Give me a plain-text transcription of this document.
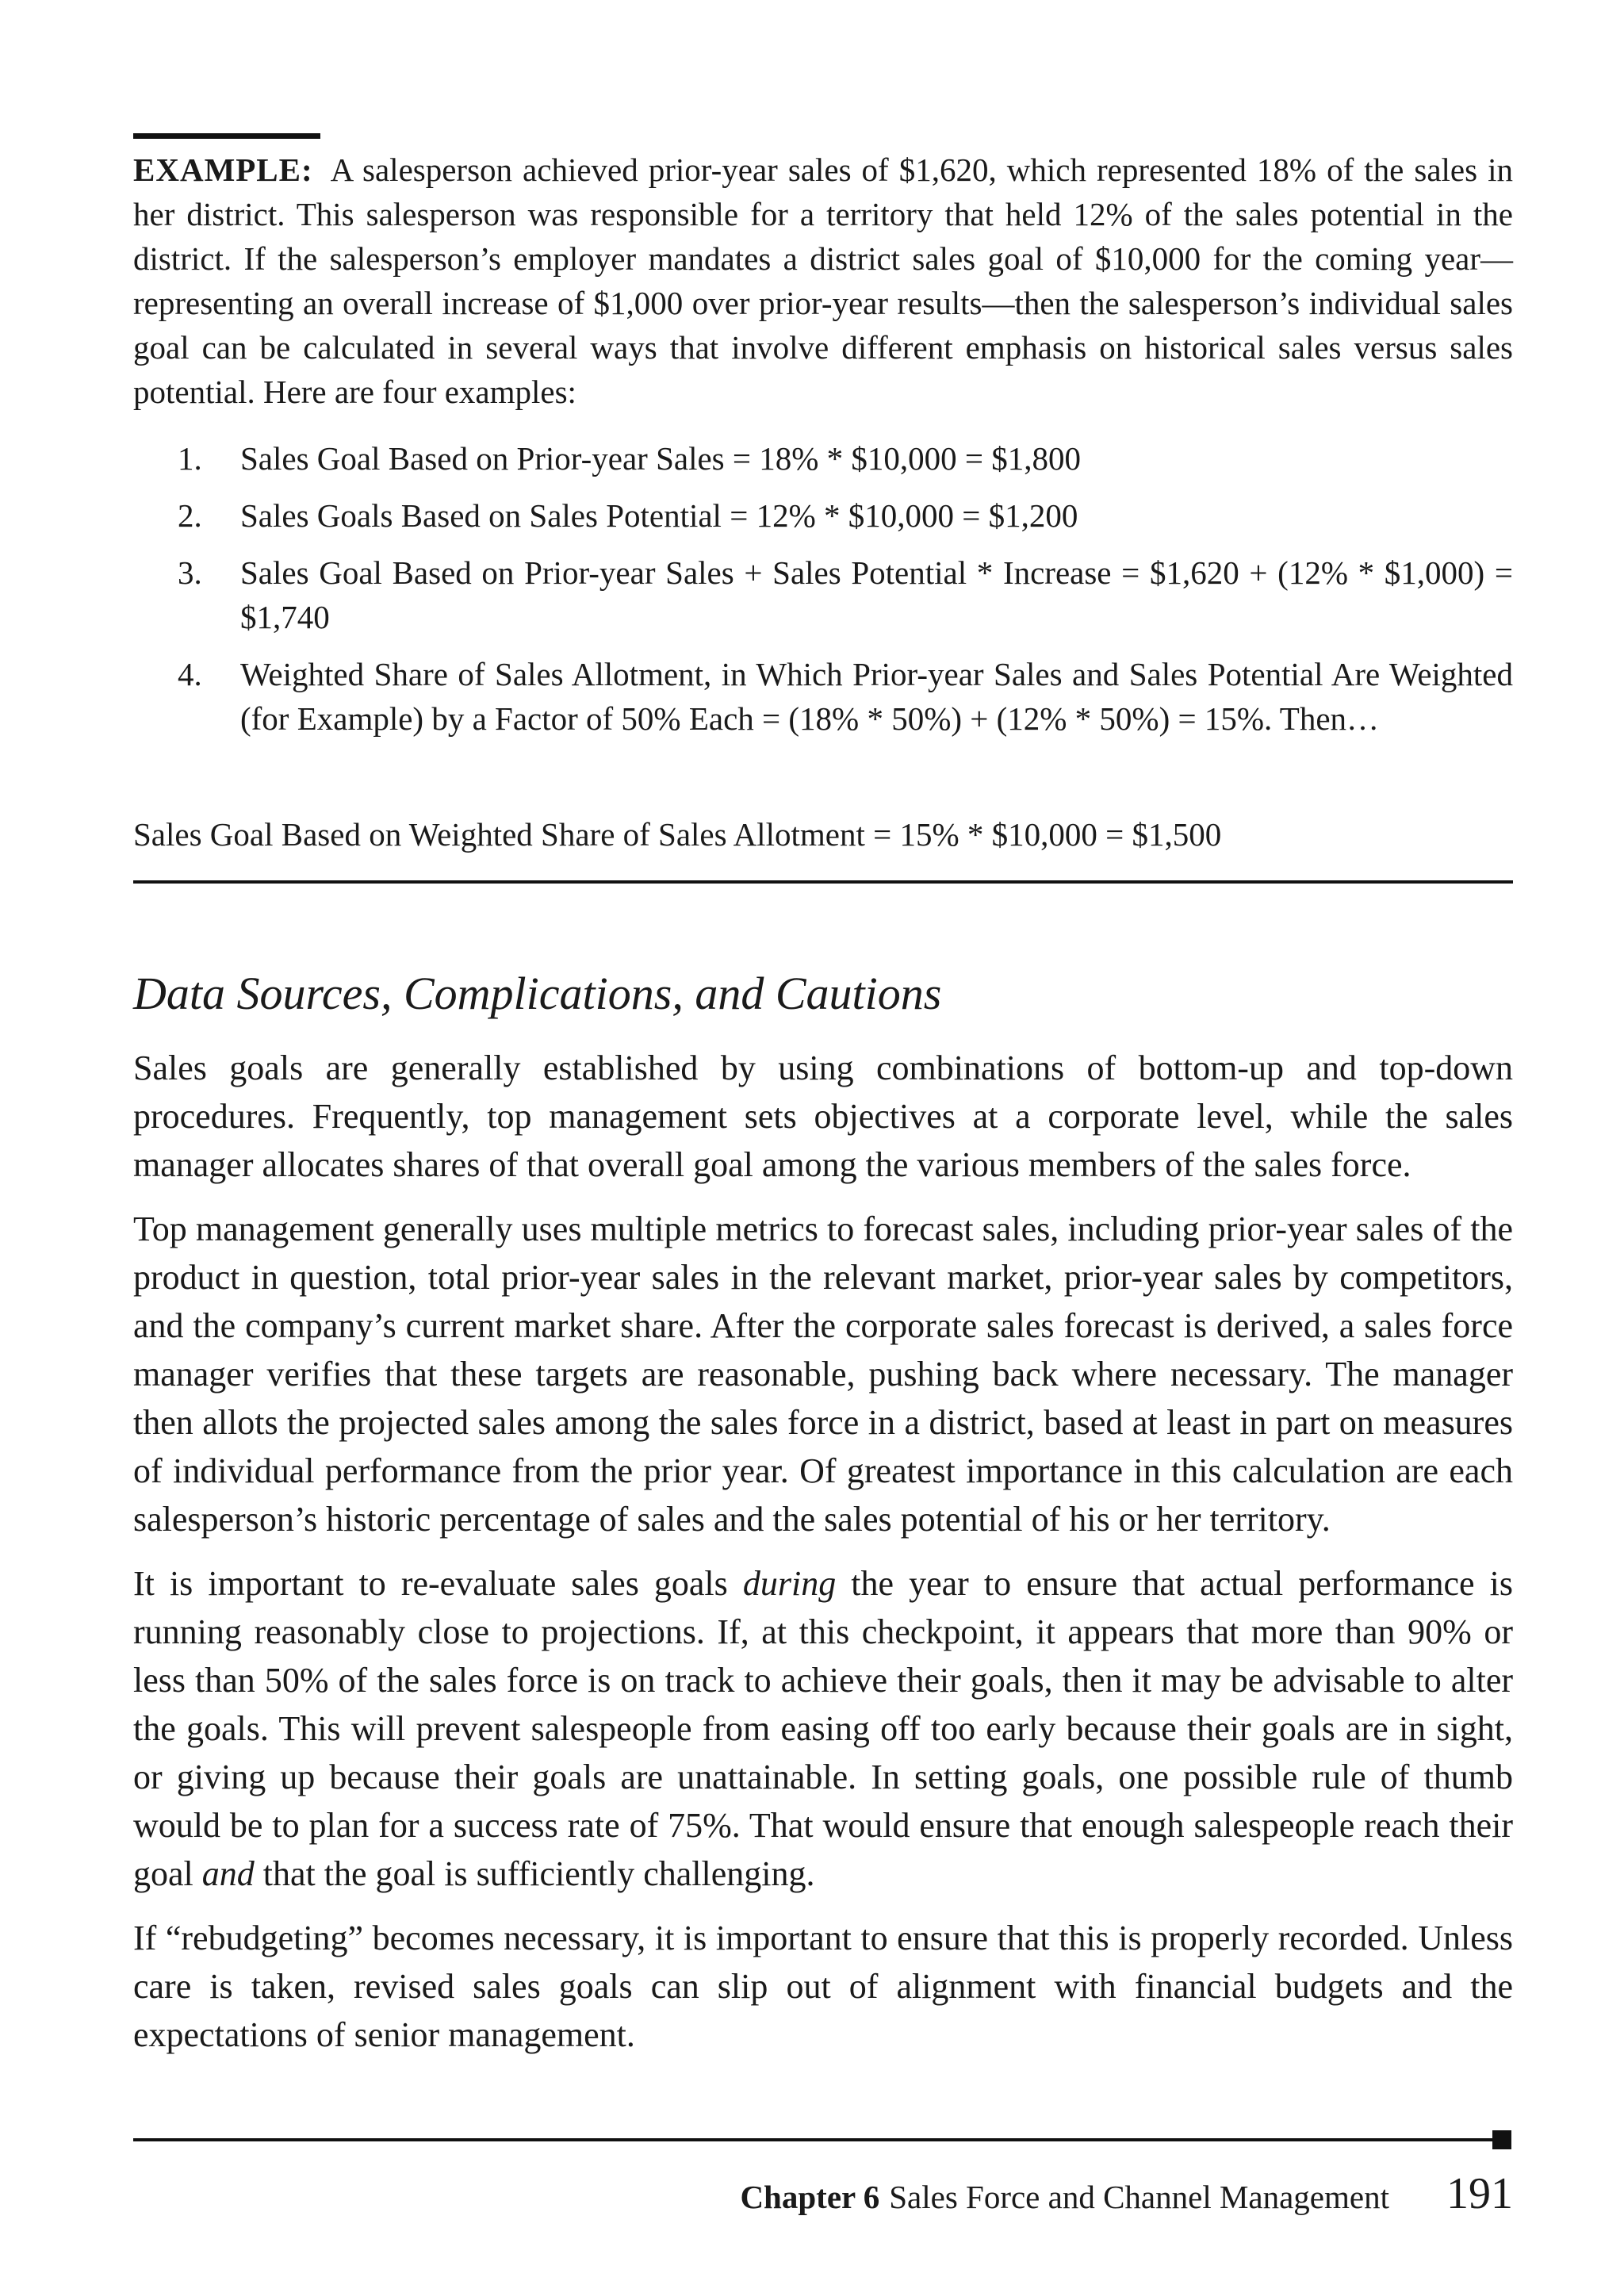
EXAMPLE: A salesperson achieved prior-year sales of $1,620, which represented 18% of the sales in her district. This salesperson was responsible for a territory that held 12% of the sales potential in the district. If the salesperson’s employer mandates a district sales goal of $10,000 for the coming year—representing an overall increase of $1,000 over prior-year results—then the salesperson’s individual sales goal can be calculated in several ways that involve different emphasis on historical sales versus sales potential. Here are four examples:
1. Sales Goal Based on Prior-year Sales = 18% * $10,000 = $1,800
2. Sales Goals Based on Sales Potential = 12% * $10,000 = $1,200
3. Sales Goal Based on Prior-year Sales + Sales Potential * Increase = $1,620 + (12% * $1,000) = $1,740
4. Weighted Share of Sales Allotment, in Which Prior-year Sales and Sales Potential Are Weighted (for Example) by a Factor of 50% Each = (18% * 50%) + (12% * 50%) = 15%. Then…
Sales Goal Based on Weighted Share of Sales Allotment = 15% * $10,000 = $1,500
Data Sources, Complications, and Cautions

Sales goals are generally established by using combinations of bottom-up and top-down procedures. Frequently, top management sets objectives at a corporate level, while the sales manager allocates shares of that overall goal among the various members of the sales force.

Top management generally uses multiple metrics to forecast sales, including prior-year sales of the product in question, total prior-year sales in the relevant market, prior-year sales by competitors, and the company’s current market share. After the corporate sales forecast is derived, a sales force manager verifies that these targets are reasonable, pushing back where necessary. The manager then allots the projected sales among the sales force in a district, based at least in part on measures of individual performance from the prior year. Of greatest importance in this calculation are each salesperson’s historic percentage of sales and the sales potential of his or her territory.

It is important to re-evaluate sales goals during the year to ensure that actual performance is running reasonably close to projections. If, at this checkpoint, it appears that more than 90% or less than 50% of the sales force is on track to achieve their goals, then it may be advisable to alter the goals. This will prevent salespeople from easing off too early because their goals are in sight, or giving up because their goals are unattainable. In setting goals, one possible rule of thumb would be to plan for a success rate of 75%. That would ensure that enough salespeople reach their goal and that the goal is sufficiently challenging.

If “rebudgeting” becomes necessary, it is important to ensure that this is properly recorded. Unless care is taken, revised sales goals can slip out of alignment with financial budgets and the expectations of senior management.

Chapter 6 Sales Force and Channel Management 191
